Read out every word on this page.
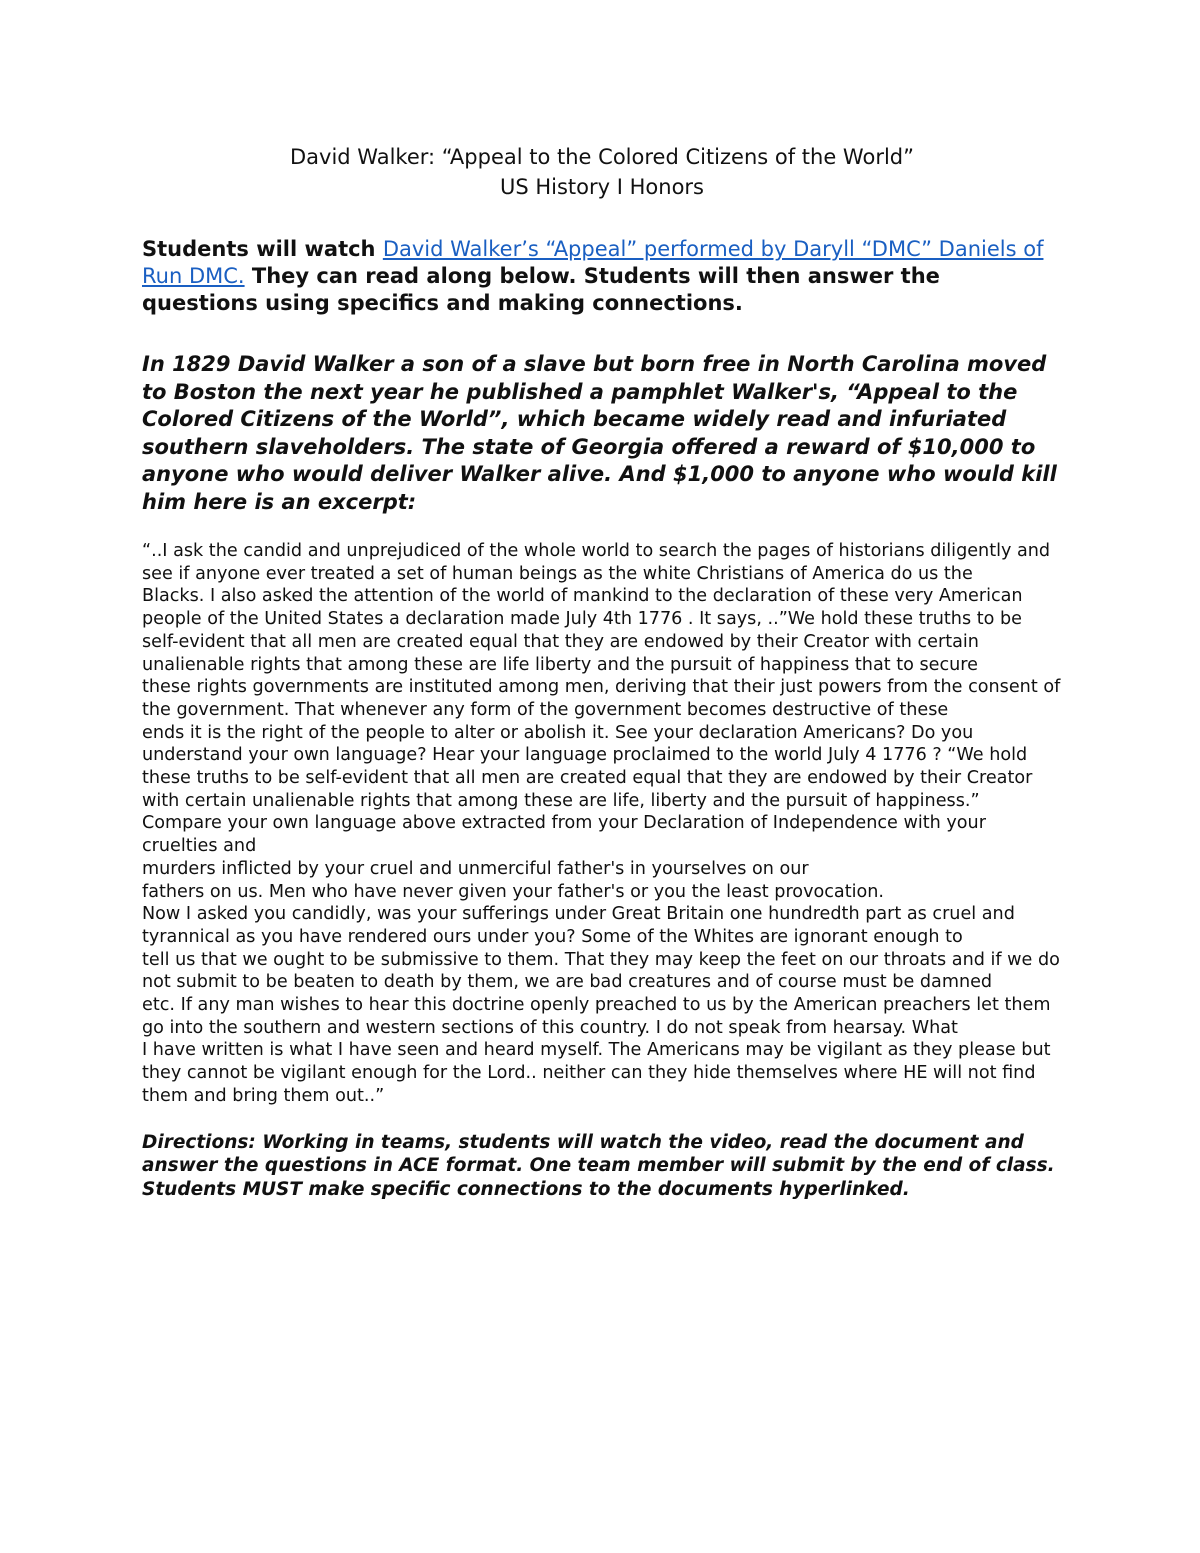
David Walker: “Appeal to the Colored Citizens of the World”
US History I Honors

Students will watch David Walker’s “Appeal” performed by Daryll “DMC” Daniels of Run DMC. They can read along below. Students will then answer the questions using specifics and making connections.

In 1829 David Walker a son of a slave but born free in North Carolina moved to Boston the next year he published a pamphlet Walker's, “Appeal to the Colored Citizens of the World”, which became widely read and infuriated southern slaveholders. The state of Georgia offered a reward of $10,000 to anyone who would deliver Walker alive. And $1,000 to anyone who would kill him here is an excerpt:

“..I ask the candid and unprejudiced of the whole world to search the pages of historians diligently and see if anyone ever treated a set of human beings as the white Christians of America do us the
Blacks. I also asked the attention of the world of mankind to the declaration of these very American people of the United States a declaration made July 4th 1776 . It says, ..”We hold these truths to be
self-evident that all men are created equal that they are endowed by their Creator with certain unalienable rights that among these are life liberty and the pursuit of happiness that to secure
these rights governments are instituted among men, deriving that their just powers from the consent of the government. That whenever any form of the government becomes destructive of these
ends it is the right of the people to alter or abolish it. See your declaration Americans? Do you understand your own language? Hear your language proclaimed to the world July 4 1776 ? “We hold these truths to be self-evident that all men are created equal that they are endowed by their Creator with certain unalienable rights that among these are life, liberty and the pursuit of happiness.” Compare your own language above extracted from your Declaration of Independence with your cruelties and
murders inflicted by your cruel and unmerciful father's in yourselves on our
fathers on us. Men who have never given your father's or you the least provocation.
Now I asked you candidly, was your sufferings under Great Britain one hundredth part as cruel and tyrannical as you have rendered ours under you? Some of the Whites are ignorant enough to
tell us that we ought to be submissive to them. That they may keep the feet on our throats and if we do not submit to be beaten to death by them, we are bad creatures and of course must be damned
etc. If any man wishes to hear this doctrine openly preached to us by the American preachers let them go into the southern and western sections of this country. I do not speak from hearsay. What
I have written is what I have seen and heard myself. The Americans may be vigilant as they please but they cannot be vigilant enough for the Lord.. neither can they hide themselves where HE will not find them and bring them out..”

Directions: Working in teams, students will watch the video, read the document and answer the questions in ACE format. One team member will submit by the end of class. Students MUST make specific connections to the documents hyperlinked.
